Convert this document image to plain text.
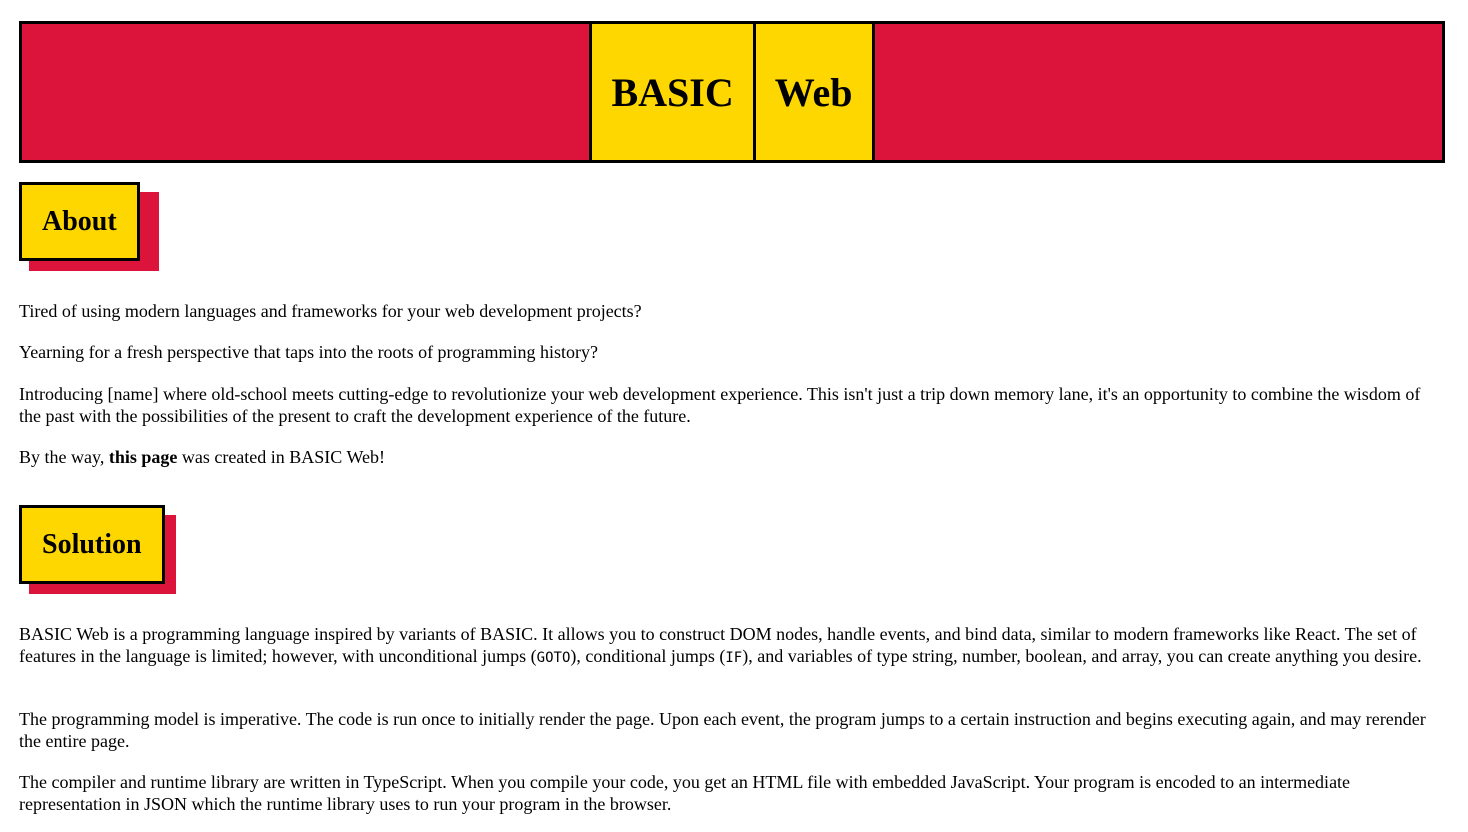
BASIC	Web
About

Tired of using modern languages and frameworks for your web development projects?

Yearning for a fresh perspective that taps into the roots of programming history?

Introducing [name] where old-school meets cutting-edge to revolutionize your web development experience. This isn't just a trip down memory lane, it's an opportunity to combine the wisdom of the past with the possibilities of the present to craft the development experience of the future.

By the way, this page was created in BASIC Web!

Solution

BASIC Web is a programming language inspired by variants of BASIC. It allows you to construct DOM nodes, handle events, and bind data, similar to modern frameworks like React. The set of features in the language is limited; however, with unconditional jumps (GOTO), conditional jumps (IF), and variables of type string, number, boolean, and array, you can create anything you desire.

The programming model is imperative. The code is run once to initially render the page. Upon each event, the program jumps to a certain instruction and begins executing again, and may rerender the entire page.

The compiler and runtime library are written in TypeScript. When you compile your code, you get an HTML file with embedded JavaScript. Your program is encoded to an intermediate representation in JSON which the runtime library uses to run your program in the browser.
